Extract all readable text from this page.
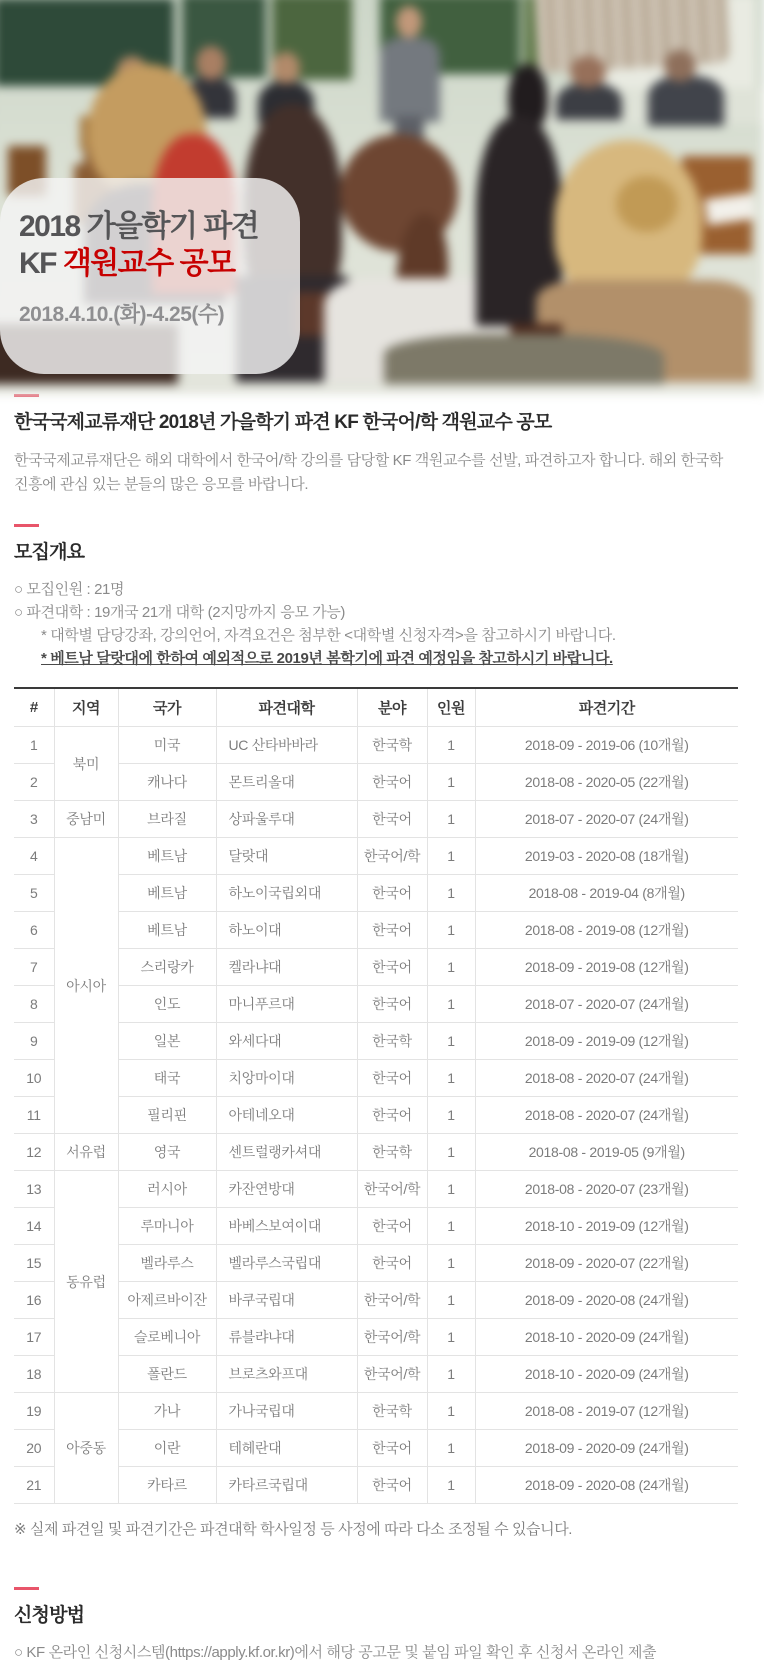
2018 가을학기 파견
KF 객원교수 공모
2018.4.10.(화)-4.25(수)
한국국제교류재단 2018년 가을학기 파견 KF 한국어/학 객원교수 공모
한국국제교류재단은 해외 대학에서 한국어/학 강의를 담당할 KF 객원교수를 선발, 파견하고자 합니다. 해외 한국학 진흥에 관심 있는 분들의 많은 응모를 바랍니다.
모집개요
○ 모집인원 : 21명
○ 파견대학 : 19개국 21개 대학 (2지망까지 응모 가능)
* 대학별 담당강좌, 강의언어, 자격요건은 첨부한 <대학별 신청자격>을 참고하시기 바랍니다.
* 베트남 달랏대에 한하여 예외적으로 2019년 봄학기에 파견 예정임을 참고하시기 바랍니다.
#	지역	국가	파견대학	분야	인원	파견기간
1	북미	미국	UC 산타바바라	한국학	1	2018-09 - 2019-06 (10개월)
2		캐나다	몬트리올대	한국어	1	2018-08 - 2020-05 (22개월)
3	중남미	브라질	상파울루대	한국어	1	2018-07 - 2020-07 (24개월)
4	아시아	베트남	달랏대	한국어/학	1	2019-03 - 2020-08 (18개월)
5		베트남	하노이국립외대	한국어	1	2018-08 - 2019-04 (8개월)
6		베트남	하노이대	한국어	1	2018-08 - 2019-08 (12개월)
7		스리랑카	켈라냐대	한국어	1	2018-09 - 2019-08 (12개월)
8		인도	마니푸르대	한국어	1	2018-07 - 2020-07 (24개월)
9		일본	와세다대	한국학	1	2018-09 - 2019-09 (12개월)
10		태국	치앙마이대	한국어	1	2018-08 - 2020-07 (24개월)
11		필리핀	아테네오대	한국어	1	2018-08 - 2020-07 (24개월)
12	서유럽	영국	센트럴랭카셔대	한국학	1	2018-08 - 2019-05 (9개월)
13	동유럽	러시아	카잔연방대	한국어/학	1	2018-08 - 2020-07 (23개월)
14		루마니아	바베스보여이대	한국어	1	2018-10 - 2019-09 (12개월)
15		벨라루스	벨라루스국립대	한국어	1	2018-09 - 2020-07 (22개월)
16		아제르바이잔	바쿠국립대	한국어/학	1	2018-09 - 2020-08 (24개월)
17		슬로베니아	류블랴냐대	한국어/학	1	2018-10 - 2020-09 (24개월)
18		폴란드	브로츠와프대	한국어/학	1	2018-10 - 2020-09 (24개월)
19	아중동	가나	가나국립대	한국학	1	2018-08 - 2019-07 (12개월)
20		이란	테헤란대	한국어	1	2018-09 - 2020-09 (24개월)
21		카타르	카타르국립대	한국어	1	2018-09 - 2020-08 (24개월)
※ 실제 파견일 및 파견기간은 파견대학 학사일정 등 사정에 따라 다소 조정될 수 있습니다.
신청방법
○ KF 온라인 신청시스템(https://apply.kf.or.kr)에서 해당 공고문 및 붙임 파일 확인 후 신청서 온라인 제출
